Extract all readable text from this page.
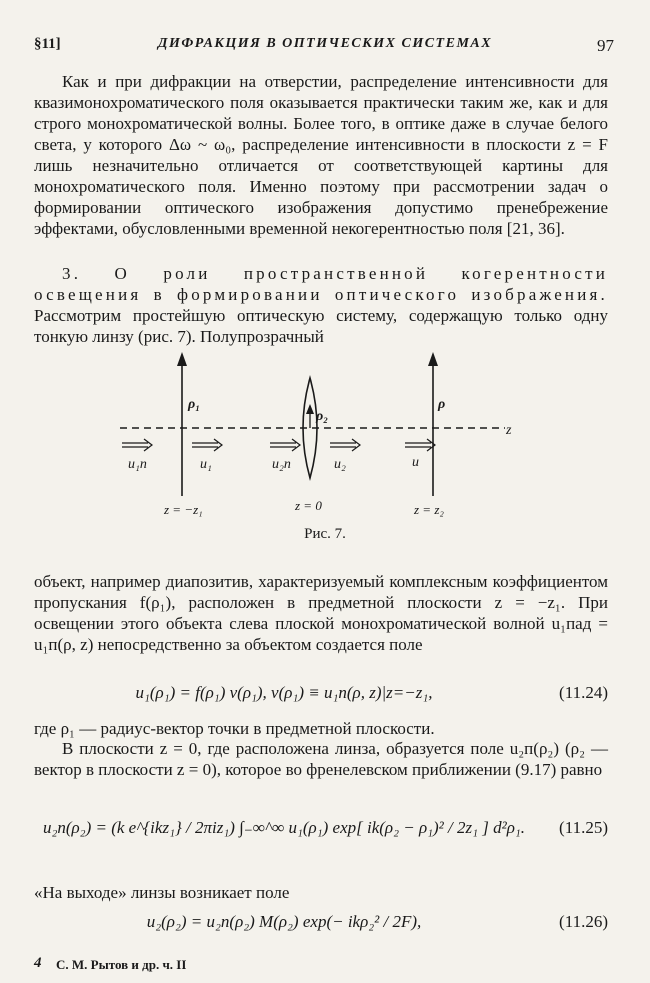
§11]	ДИФРАКЦИЯ В ОПТИЧЕСКИХ СИСТЕМАХ	97
Как и при дифракции на отверстии, распределение интенсивности для квазимонохроматического поля оказывается практически таким же, как и для строго монохроматической волны. Более того, в оптике даже в случае белого света, у которого Δω ~ ω₀, распределение интенсивности в плоскости z = F лишь незначительно отличается от соответствующей картины для монохроматического поля. Именно поэтому при рассмотрении задач о формировании оптического изображения допустимо пренебрежение эффектами, обусловленными временной некогерентностью поля [21, 36].
3. О роли пространственной когерентности освещения в формировании оптического изображения. Рассмотрим простейшую оптическую систему, содержащую только одну тонкую линзу (рис. 7). Полупрозрачный
ρ₁
ρ₂
ρ
z
u₁п	u₁	u₂п	u₂	u
z = −z₁	z = 0	z = z₂
Рис. 7.
объект, например диапозитив, характеризуемый комплексным коэффициентом пропускания f(ρ₁), расположен в предметной плоскости z = −z₁. При освещении этого объекта слева плоской монохроматической волной u₁пад = u₁п(ρ, z) непосредственно за объектом создается поле
u₁(ρ₁) = f(ρ₁) v(ρ₁), v(ρ₁) ≡ u₁п(ρ, z)|z=−z₁,	(11.24)
где ρ₁ — радиус-вектор точки в предметной плоскости.
В плоскости z = 0, где расположена линза, образуется поле u₂п(ρ₂) (ρ₂ — вектор в плоскости z = 0), которое во френелевском приближении (9.17) равно
u₂п(ρ₂) = (k e^{ikz₁} / 2πiz₁) ∫₋∞^∞ u₁(ρ₁) exp[ ik(ρ₂ − ρ₁)² / 2z₁ ] d²ρ₁.	(11.25)
«На выходе» линзы возникает поле
u₂(ρ₂) = u₂п(ρ₂) M(ρ₂) exp(− ikρ₂² / 2F),	(11.26)
4 С. М. Рытов и др. ч. II
